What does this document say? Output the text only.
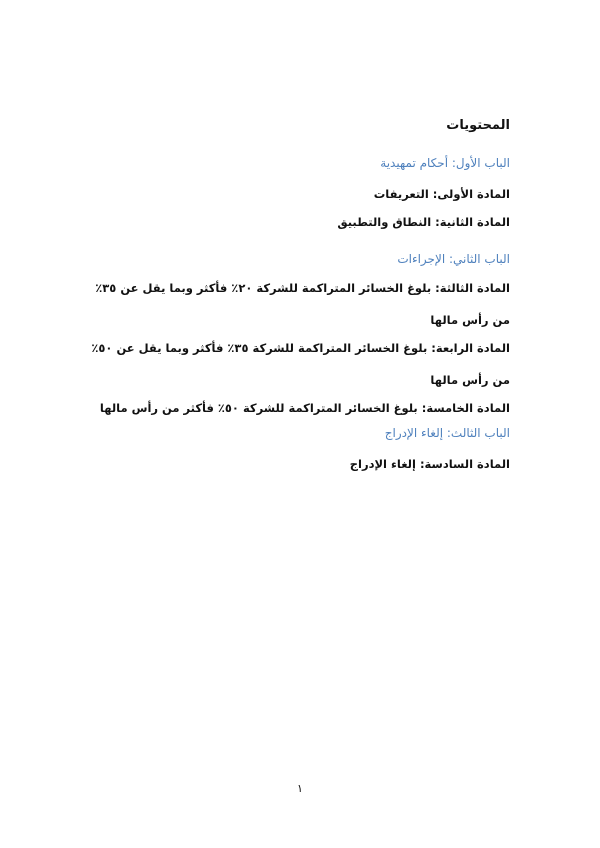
المحتويات

الباب الأول: أحكام تمهيدية

المادة الأولى: التعريفات

المادة الثانية: النطاق والتطبيق

الباب الثاني: الإجراءات

المادة الثالثة: بلوغ الخسائر المتراكمة للشركة ٢٠٪ فأكثر وبما يقل عن ٣٥٪ من رأس مالها

المادة الرابعة: بلوغ الخسائر المتراكمة للشركة ٣٥٪ فأكثر وبما يقل عن ٥٠٪ من رأس مالها

المادة الخامسة: بلوغ الخسائر المتراكمة للشركة ٥٠٪ فأكثر من رأس مالها

الباب الثالث: إلغاء الإدراج

المادة السادسة: إلغاء الإدراج

١
